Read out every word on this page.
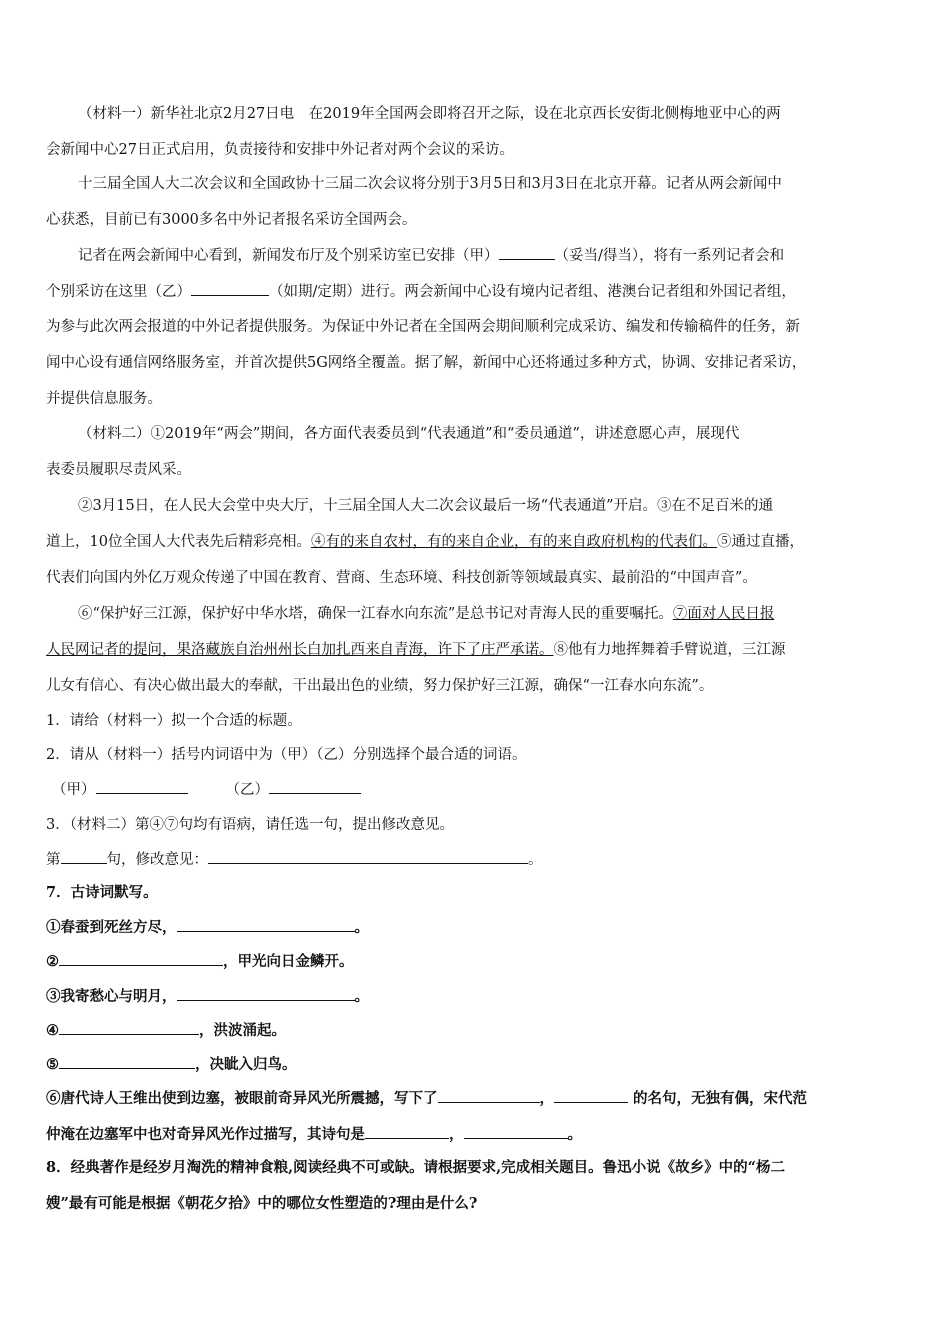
（材料一）新华社北京2月27日电　在2019年全国两会即将召开之际，设在北京西长安街北侧梅地亚中心的两
会新闻中心27日正式启用，负责接待和安排中外记者对两个会议的采访。
十三届全国人大二次会议和全国政协十三届二次会议将分别于3月5日和3月3日在北京开幕。记者从两会新闻中
心获悉，目前已有3000多名中外记者报名采访全国两会。
记者在两会新闻中心看到，新闻发布厅及个别采访室已安排（甲）	（妥当/得当），将有一系列记者会和
个别采访在这里（乙）	（如期/定期）进行。两会新闻中心设有境内记者组、港澳台记者组和外国记者组，
为参与此次两会报道的中外记者提供服务。为保证中外记者在全国两会期间顺利完成采访、编发和传输稿件的任务，新
闻中心设有通信网络服务室，并首次提供5G网络全覆盖。据了解，新闻中心还将通过多种方式，协调、安排记者采访，
并提供信息服务。
（材料二）①2019年“两会”期间，各方面代表委员到“代表通道”和“委员通道”，讲述意愿心声，展现代
表委员履职尽责风采。
②3月15日，在人民大会堂中央大厅，十三届全国人大二次会议最后一场“代表通道”开启。③在不足百米的通
道上，10位全国人大代表先后精彩亮相。④有的来自农村，有的来自企业，有的来自政府机构的代表们。⑤通过直播，
代表们向国内外亿万观众传递了中国在教育、营商、生态环境、科技创新等领域最真实、最前沿的“中国声音”。
⑥“保护好三江源，保护好中华水塔，确保一江春水向东流”是总书记对青海人民的重要嘱托。⑦面对人民日报
人民网记者的提问，果洛藏族自治州州长白加扎西来自青海，许下了庄严承诺。⑧他有力地挥舞着手臂说道，三江源
儿女有信心、有决心做出最大的奉献，干出最出色的业绩，努力保护好三江源，确保“一江春水向东流”。
1．请给（材料一）拟一个合适的标题。
2．请从（材料一）括号内词语中为（甲）（乙）分别选择个最合适的词语。
（甲）	（乙）
3．（材料二）第④⑦句均有语病，请任选一句，提出修改意见。
第	句，修改意见：	。
7．古诗词默写。
①春蚕到死丝方尽，	。
②	，甲光向日金鳞开。
③我寄愁心与明月，	。
④	，洪波涌起。
⑤	，决眦入归鸟。
⑥唐代诗人王维出使到边塞，被眼前奇异风光所震撼，写下了	，	的名句，无独有偶，宋代范
仲淹在边塞军中也对奇异风光作过描写，其诗句是	，	。
8．经典著作是经岁月淘洗的精神食粮,阅读经典不可或缺。请根据要求,完成相关题目。鲁迅小说《故乡》中的“杨二
嫂”最有可能是根据《朝花夕拾》中的哪位女性塑造的?理由是什么?
